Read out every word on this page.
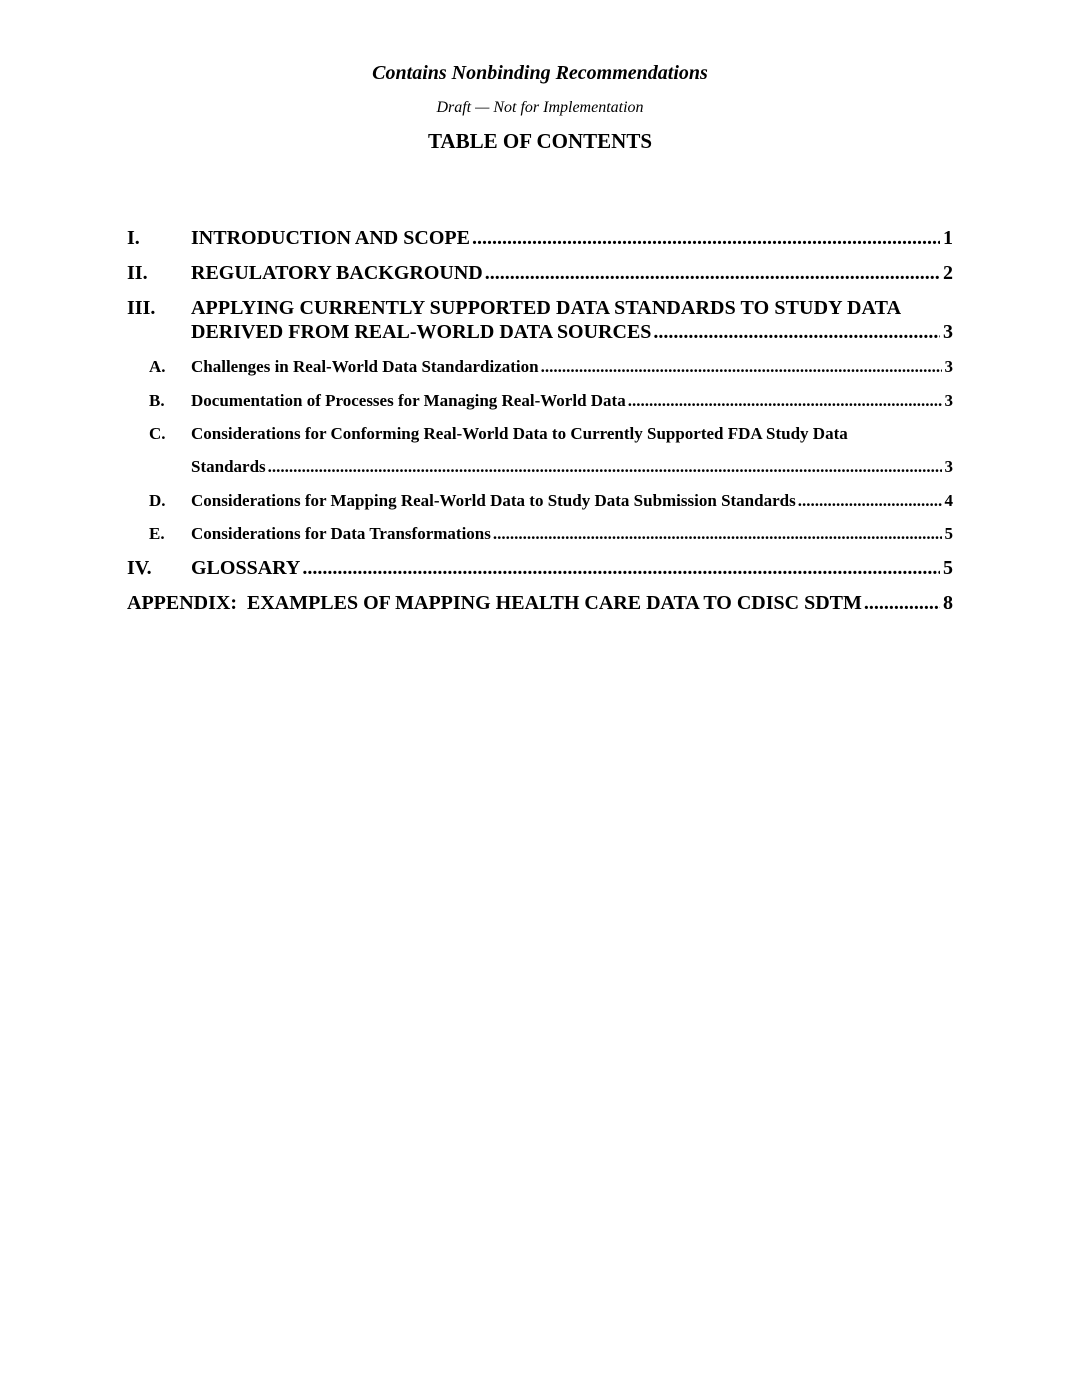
Contains Nonbinding Recommendations
Draft — Not for Implementation
TABLE OF CONTENTS
I.	INTRODUCTION AND SCOPE .....	1
II. REGULATORY BACKGROUND .....	2
III. APPLYING CURRENTLY SUPPORTED DATA STANDARDS TO STUDY DATA
DERIVED FROM REAL-WORLD DATA SOURCES .....	3
A. Challenges in Real-World Data Standardization .....	3
B. Documentation of Processes for Managing Real-World Data .....	3
C. Considerations for Conforming Real-World Data to Currently Supported FDA Study Data
Standards .....	3
D. Considerations for Mapping Real-World Data to Study Data Submission Standards .....	4
E. Considerations for Data Transformations .....	5
IV. GLOSSARY .....	5
APPENDIX:  EXAMPLES OF MAPPING HEALTH CARE DATA TO CDISC SDTM .....	8
